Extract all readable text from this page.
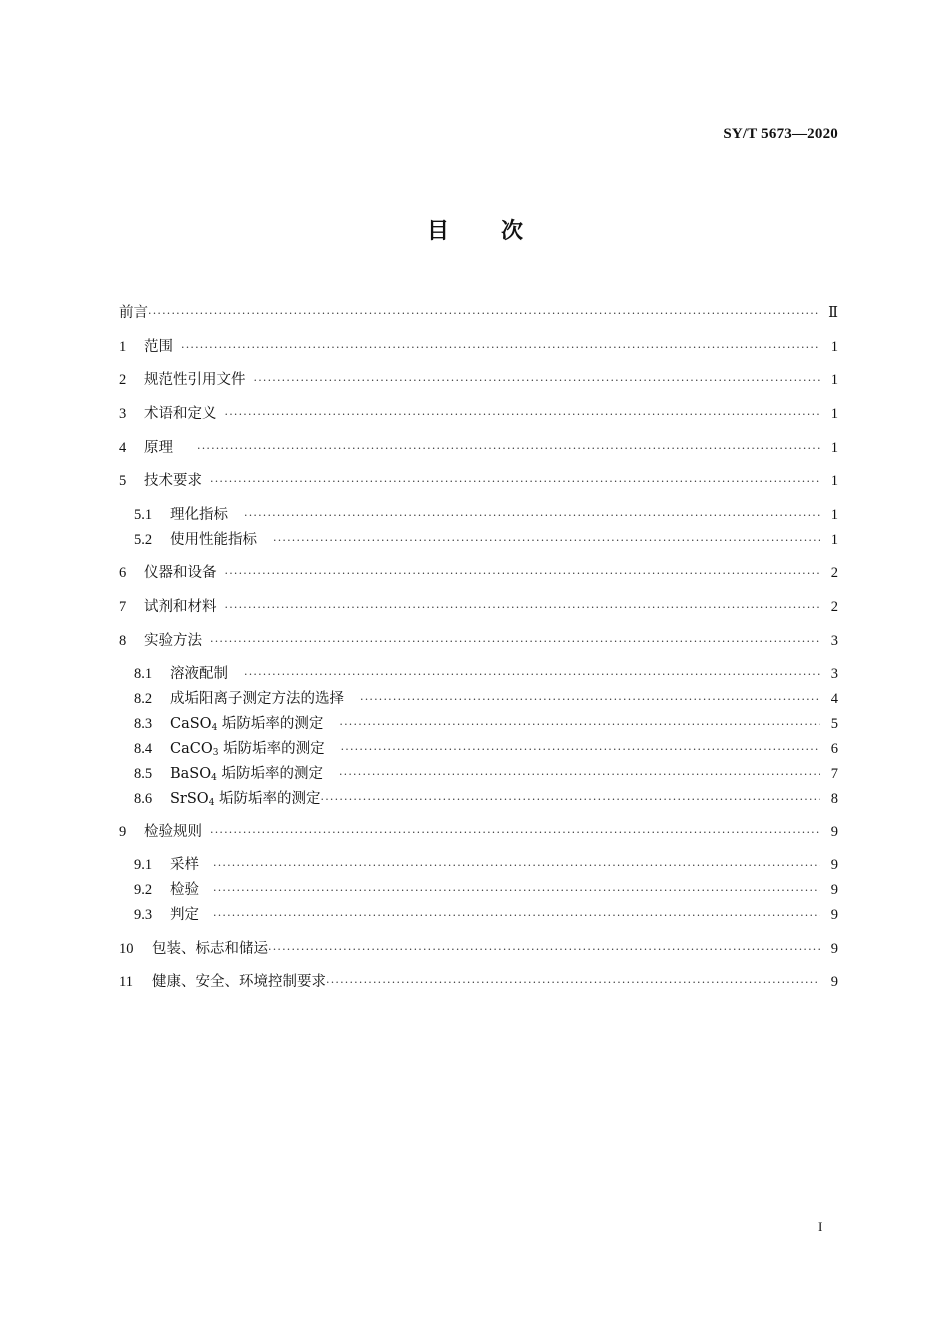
SY/T 5673—2020
目 次
前言 ·····	Ⅱ
1	范围 ·····	1
2	规范性引用文件 ·····	1
3	术语和定义 ·····	1
4	原理 ·····	1
5	技术要求 ·····	1
5.1	理化指标 ·····	1
5.2	使用性能指标 ·····	1
6	仪器和设备 ·····	2
7	试剂和材料 ·····	2
8	实验方法 ·····	3
8.1	溶液配制 ·····	3
8.2	成垢阳离子测定方法的选择 ·····	4
8.3	CaSO$_4$ 垢防垢率的测定 ·····	5
8.4	CaCO$_3$ 垢防垢率的测定 ·····	6
8.5	BaSO$_4$ 垢防垢率的测定 ·····	7
8.6	SrSO$_4$ 垢防垢率的测定 ·····	8
9	检验规则 ·····	9
9.1	采样 ·····	9
9.2	检验 ·····	9
9.3	判定 ·····	9
10	包装、标志和储运 ·····	9
11	健康、安全、环境控制要求 ·····	9
I
